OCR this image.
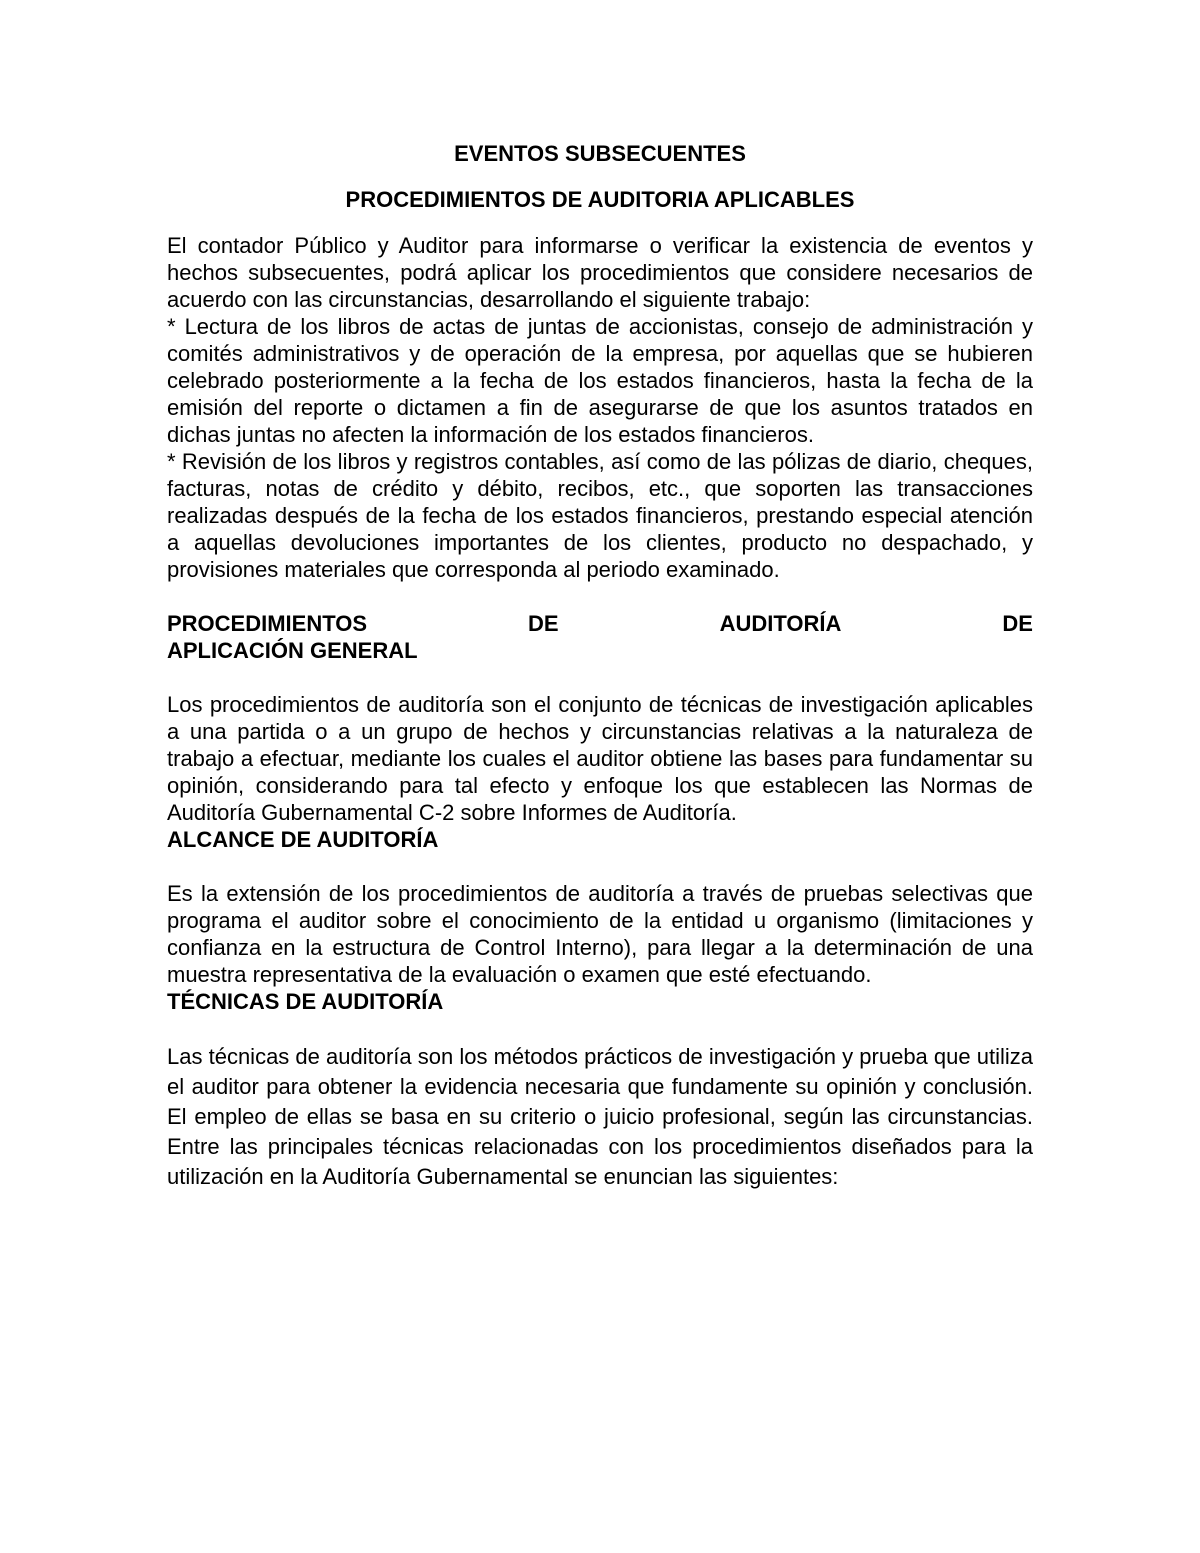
EVENTOS SUBSECUENTES

PROCEDIMIENTOS DE AUDITORIA APLICABLES

El contador Público y Auditor para informarse o verificar la existencia de eventos y hechos subsecuentes, podrá aplicar los procedimientos que considere necesarios de acuerdo con las circunstancias, desarrollando el siguiente trabajo:

* Lectura de los libros de actas de juntas de accionistas, consejo de administración y comités administrativos y de operación de la empresa, por aquellas que se hubieren celebrado posteriormente a la fecha de los estados financieros, hasta la fecha de la emisión del reporte o dictamen a fin de asegurarse de que los asuntos tratados en dichas juntas no afecten la información de los estados financieros.

* Revisión de los libros y registros contables, así como de las pólizas de diario, cheques, facturas, notas de crédito y débito, recibos, etc., que soporten las transacciones realizadas después de la fecha de los estados financieros, prestando especial atención a aquellas devoluciones importantes de los clientes, producto no despachado, y provisiones materiales que corresponda al periodo examinado.

PROCEDIMIENTOS	DE	AUDITORÍA	DE
APLICACIÓN GENERAL

Los procedimientos de auditoría son el conjunto de técnicas de investigación aplicables a una partida o a un grupo de hechos y circunstancias relativas a la naturaleza de trabajo a efectuar, mediante los cuales el auditor obtiene las bases para fundamentar su opinión, considerando para tal efecto y enfoque los que establecen las Normas de Auditoría Gubernamental C-2 sobre Informes de Auditoría.

ALCANCE DE AUDITORÍA

Es la extensión de los procedimientos de auditoría a través de pruebas selectivas que programa el auditor sobre el conocimiento de la entidad u organismo (limitaciones y confianza en la estructura de Control Interno), para llegar a la determinación de una muestra representativa de la evaluación o examen que esté efectuando.

TÉCNICAS DE AUDITORÍA

Las técnicas de auditoría son los métodos prácticos de investigación y prueba que utiliza el auditor para obtener la evidencia necesaria que fundamente su opinión y conclusión. El empleo de ellas se basa en su criterio o juicio profesional, según las circunstancias. Entre las principales técnicas relacionadas con los procedimientos diseñados para la utilización en la Auditoría Gubernamental se enuncian las siguientes:
